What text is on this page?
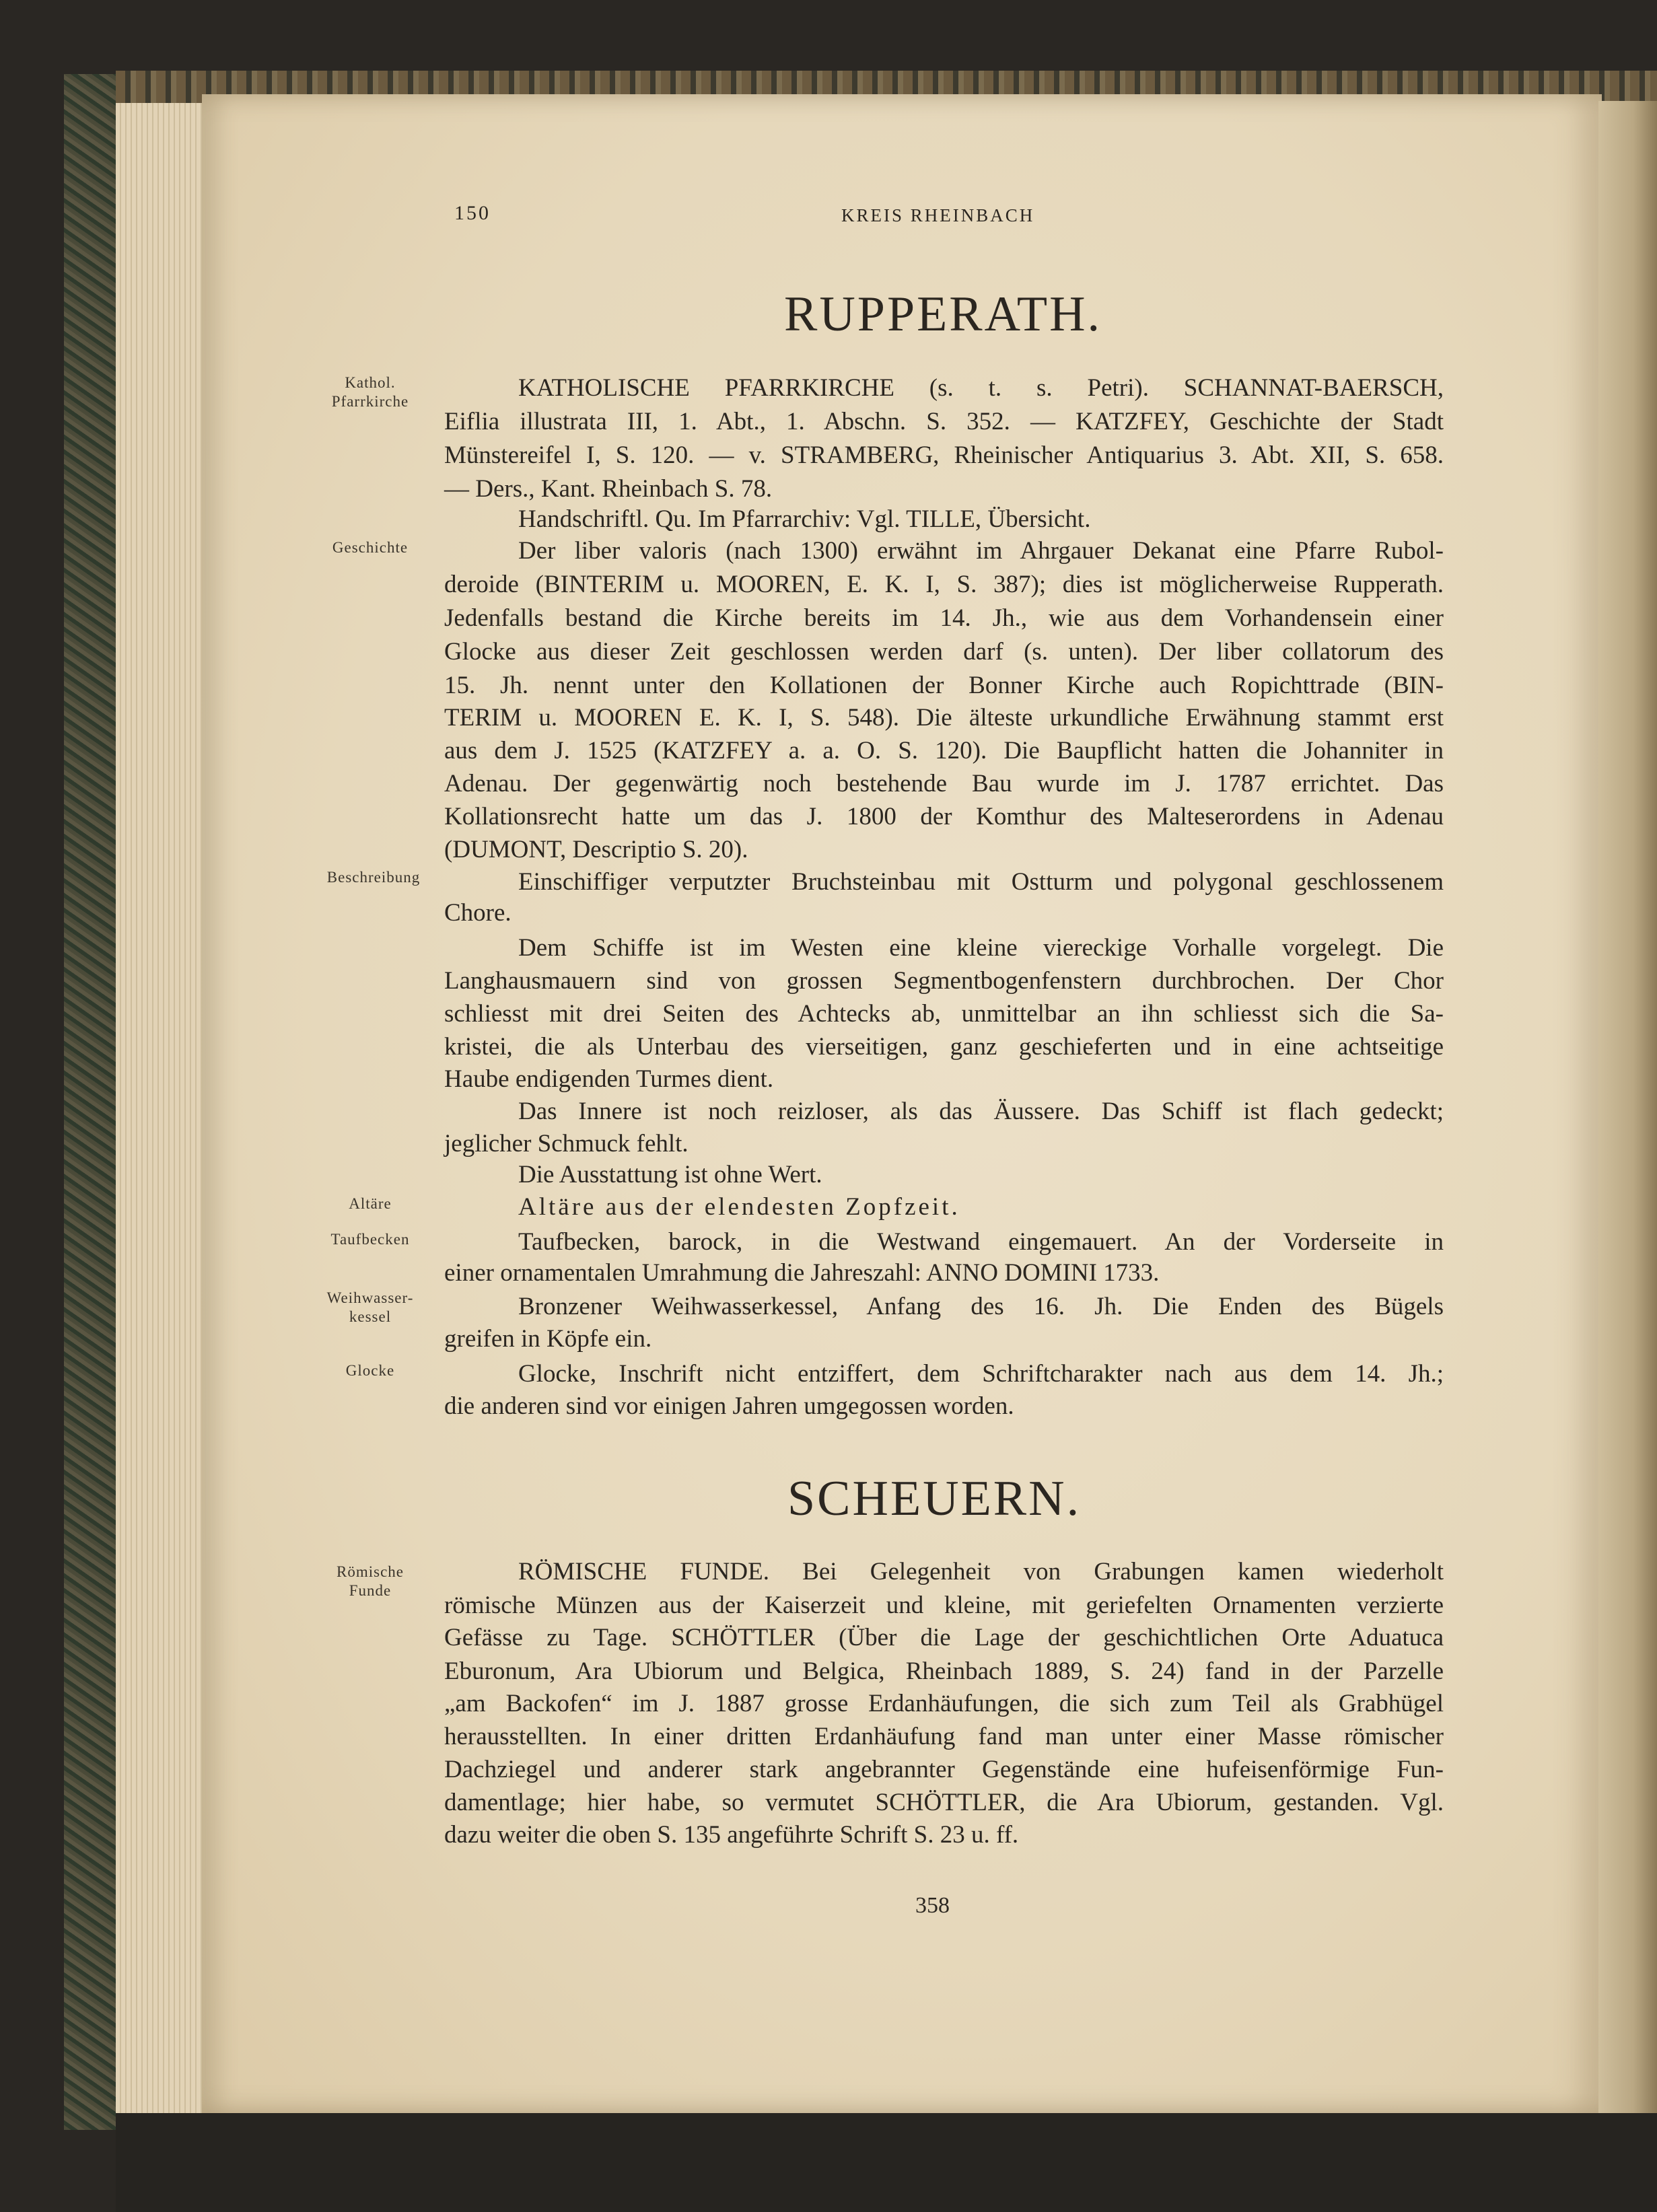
150	KREIS RHEINBACH
RUPPERATH.
Kathol.
Pfarrkirche
Geschichte
Beschreibung
Altäre
Taufbecken
Weihwasser-
kessel
Glocke
KATHOLISCHE PFARRKIRCHE (s. t. s. Petri). SCHANNAT-BAERSCH,
Eiflia illustrata III, 1. Abt., 1. Abschn. S. 352. — KATZFEY, Geschichte der Stadt
Münstereifel I, S. 120. — v. STRAMBERG, Rheinischer Antiquarius 3. Abt. XII, S. 658.
— Ders., Kant. Rheinbach S. 78.
Handschriftl. Qu. Im Pfarrarchiv: Vgl. TILLE, Übersicht.
Der liber valoris (nach 1300) erwähnt im Ahrgauer Dekanat eine Pfarre Rubol-
deroide (BINTERIM u. MOOREN, E. K. I, S. 387); dies ist möglicherweise Rupperath.
Jedenfalls bestand die Kirche bereits im 14. Jh., wie aus dem Vorhandensein einer
Glocke aus dieser Zeit geschlossen werden darf (s. unten). Der liber collatorum des
15. Jh. nennt unter den Kollationen der Bonner Kirche auch Ropichttrade (BIN-
TERIM u. MOOREN E. K. I, S. 548). Die älteste urkundliche Erwähnung stammt erst
aus dem J. 1525 (KATZFEY a. a. O. S. 120). Die Baupflicht hatten die Johanniter in
Adenau. Der gegenwärtig noch bestehende Bau wurde im J. 1787 errichtet. Das
Kollationsrecht hatte um das J. 1800 der Komthur des Malteserordens in Adenau
(DUMONT, Descriptio S. 20).
Einschiffiger verputzter Bruchsteinbau mit Ostturm und polygonal geschlossenem
Chore.
Dem Schiffe ist im Westen eine kleine viereckige Vorhalle vorgelegt. Die
Langhausmauern sind von grossen Segmentbogenfenstern durchbrochen. Der Chor
schliesst mit drei Seiten des Achtecks ab, unmittelbar an ihn schliesst sich die Sa-
kristei, die als Unterbau des vierseitigen, ganz geschieferten und in eine achtseitige
Haube endigenden Turmes dient.
Das Innere ist noch reizloser, als das Äussere. Das Schiff ist flach gedeckt;
jeglicher Schmuck fehlt.
Die Ausstattung ist ohne Wert.
Altäre aus der elendesten Zopfzeit.
Taufbecken, barock, in die Westwand eingemauert. An der Vorderseite in
einer ornamentalen Umrahmung die Jahreszahl: ANNO DOMINI 1733.
Bronzener Weihwasserkessel, Anfang des 16. Jh. Die Enden des Bügels
greifen in Köpfe ein.
Glocke, Inschrift nicht entziffert, dem Schriftcharakter nach aus dem 14. Jh.;
die anderen sind vor einigen Jahren umgegossen worden.
SCHEUERN.
Römische
Funde
RÖMISCHE FUNDE. Bei Gelegenheit von Grabungen kamen wiederholt
römische Münzen aus der Kaiserzeit und kleine, mit geriefelten Ornamenten verzierte
Gefässe zu Tage. SCHÖTTLER (Über die Lage der geschichtlichen Orte Aduatuca
Eburonum, Ara Ubiorum und Belgica, Rheinbach 1889, S. 24) fand in der Parzelle
„am Backofen“ im J. 1887 grosse Erdanhäufungen, die sich zum Teil als Grabhügel
herausstellten. In einer dritten Erdanhäufung fand man unter einer Masse römischer
Dachziegel und anderer stark angebrannter Gegenstände eine hufeisenförmige Fun-
damentlage; hier habe, so vermutet SCHÖTTLER, die Ara Ubiorum, gestanden. Vgl.
dazu weiter die oben S. 135 angeführte Schrift S. 23 u. ff.
358
